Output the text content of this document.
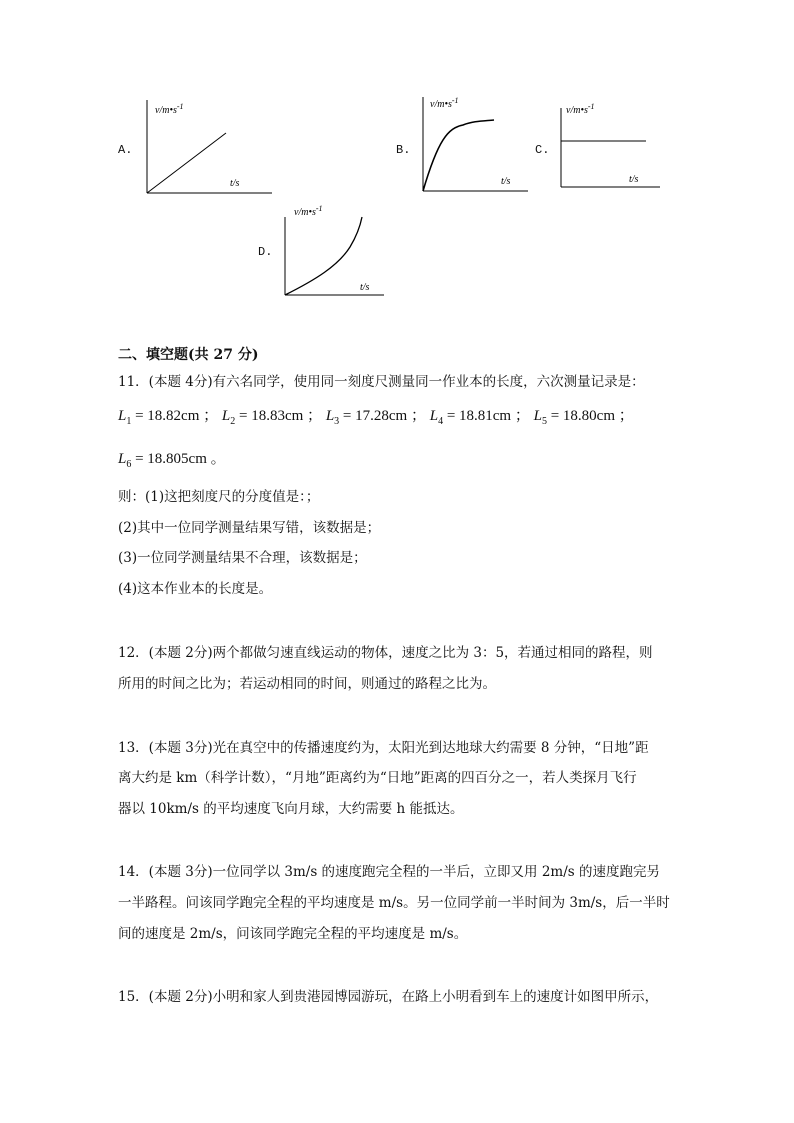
A.
$v/m•s^{-1}$
t/s
B.
$v/m•s^{-1}$
t/s
C.
$v/m•s^{-1}$
t/s
D.
$v/m•s^{-1}$
t/s
二、填空题(共 27 分)
11．(本题 4分)有六名同学，使用同一刻度尺测量同一作业本的长度，六次测量记录是：
$L_1 = 18.82cm$ ； $L_2 = 18.83cm$ ； $L_3 = 17.28cm$ ； $L_4 = 18.81cm$ ； $L_5 = 18.80cm$ ；
$L_6 = 18.805cm$ 。
则：(1)这把刻度尺的分度值是：；
(2)其中一位同学测量结果写错，该数据是；
(3)一位同学测量结果不合理，该数据是；
(4)这本作业本的长度是。
12．(本题 2分)两个都做匀速直线运动的物体，速度之比为 3：5，若通过相同的路程，则
所用的时间之比为；若运动相同的时间，则通过的路程之比为。
13．(本题 3分)光在真空中的传播速度约为，太阳光到达地球大约需要 8 分钟，“日地”距
离大约是 km（科学计数），“月地”距离约为“日地”距离的四百分之一，若人类探月飞行
器以 10km/s 的平均速度飞向月球，大约需要 h 能抵达。
14．(本题 3分)一位同学以 3m/s 的速度跑完全程的一半后，立即又用 2m/s 的速度跑完另
一半路程。问该同学跑完全程的平均速度是 m/s。另一位同学前一半时间为 3m/s，后一半时
间的速度是 2m/s，问该同学跑完全程的平均速度是 m/s。
15．(本题 2分)小明和家人到贵港园博园游玩，在路上小明看到车上的速度计如图甲所示，
